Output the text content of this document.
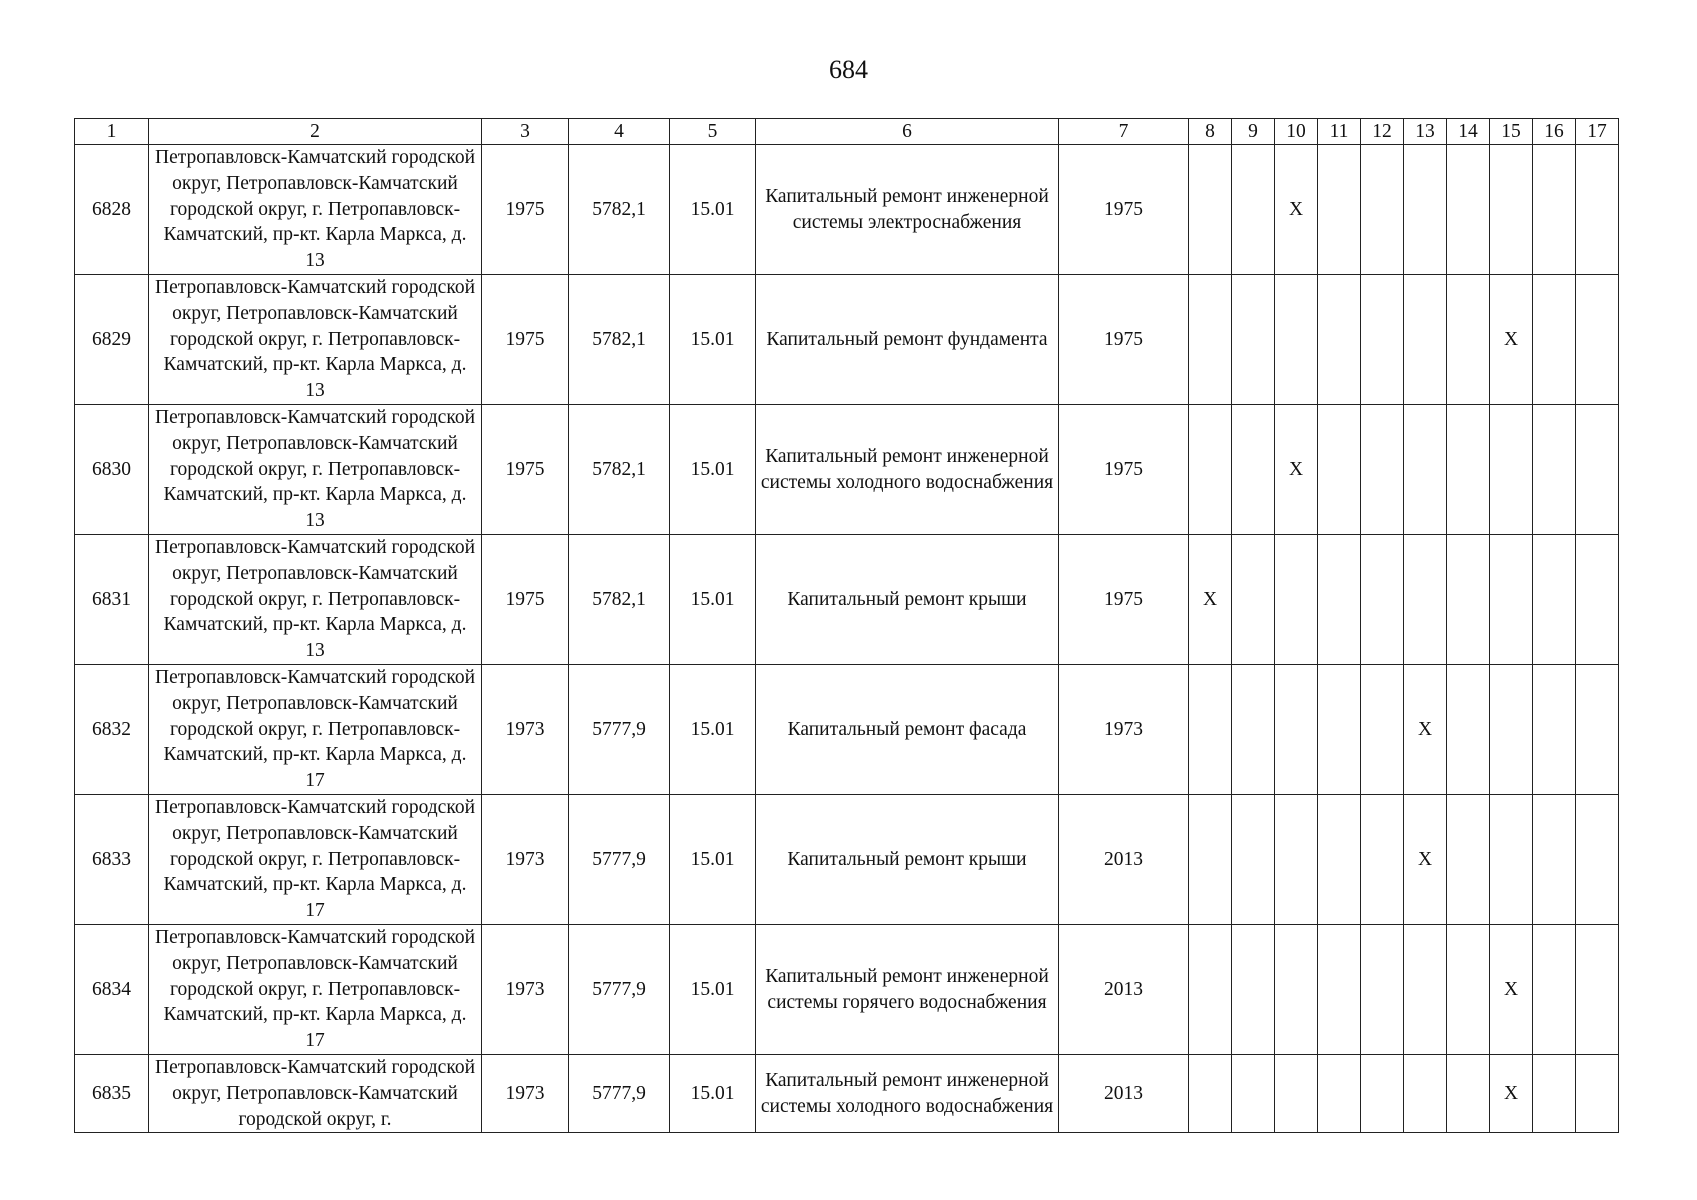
684
1	2	3	4	5	6	7	8	9	10	11	12	13	14	15	16	17
6828	Петропавловск-Камчатский городской округ, Петропавловск-Камчатский городской округ, г. Петропавловск-Камчатский, пр-кт. Карла Маркса, д. 13	1975	5782,1	15.01	Капитальный ремонт инженерной системы электроснабжения	1975			X							
6829	Петропавловск-Камчатский городской округ, Петропавловск-Камчатский городской округ, г. Петропавловск-Камчатский, пр-кт. Карла Маркса, д. 13	1975	5782,1	15.01	Капитальный ремонт фундамента	1975								X		
6830	Петропавловск-Камчатский городской округ, Петропавловск-Камчатский городской округ, г. Петропавловск-Камчатский, пр-кт. Карла Маркса, д. 13	1975	5782,1	15.01	Капитальный ремонт инженерной системы холодного водоснабжения	1975			X							
6831	Петропавловск-Камчатский городской округ, Петропавловск-Камчатский городской округ, г. Петропавловск-Камчатский, пр-кт. Карла Маркса, д. 13	1975	5782,1	15.01	Капитальный ремонт крыши	1975	X									
6832	Петропавловск-Камчатский городской округ, Петропавловск-Камчатский городской округ, г. Петропавловск-Камчатский, пр-кт. Карла Маркса, д. 17	1973	5777,9	15.01	Капитальный ремонт фасада	1973						X				
6833	Петропавловск-Камчатский городской округ, Петропавловск-Камчатский городской округ, г. Петропавловск-Камчатский, пр-кт. Карла Маркса, д. 17	1973	5777,9	15.01	Капитальный ремонт крыши	2013						X				
6834	Петропавловск-Камчатский городской округ, Петропавловск-Камчатский городской округ, г. Петропавловск-Камчатский, пр-кт. Карла Маркса, д. 17	1973	5777,9	15.01	Капитальный ремонт инженерной системы горячего водоснабжения	2013								X		
6835	Петропавловск-Камчатский городской округ, Петропавловск-Камчатский городской округ, г.	1973	5777,9	15.01	Капитальный ремонт инженерной системы холодного водоснабжения	2013								X		
